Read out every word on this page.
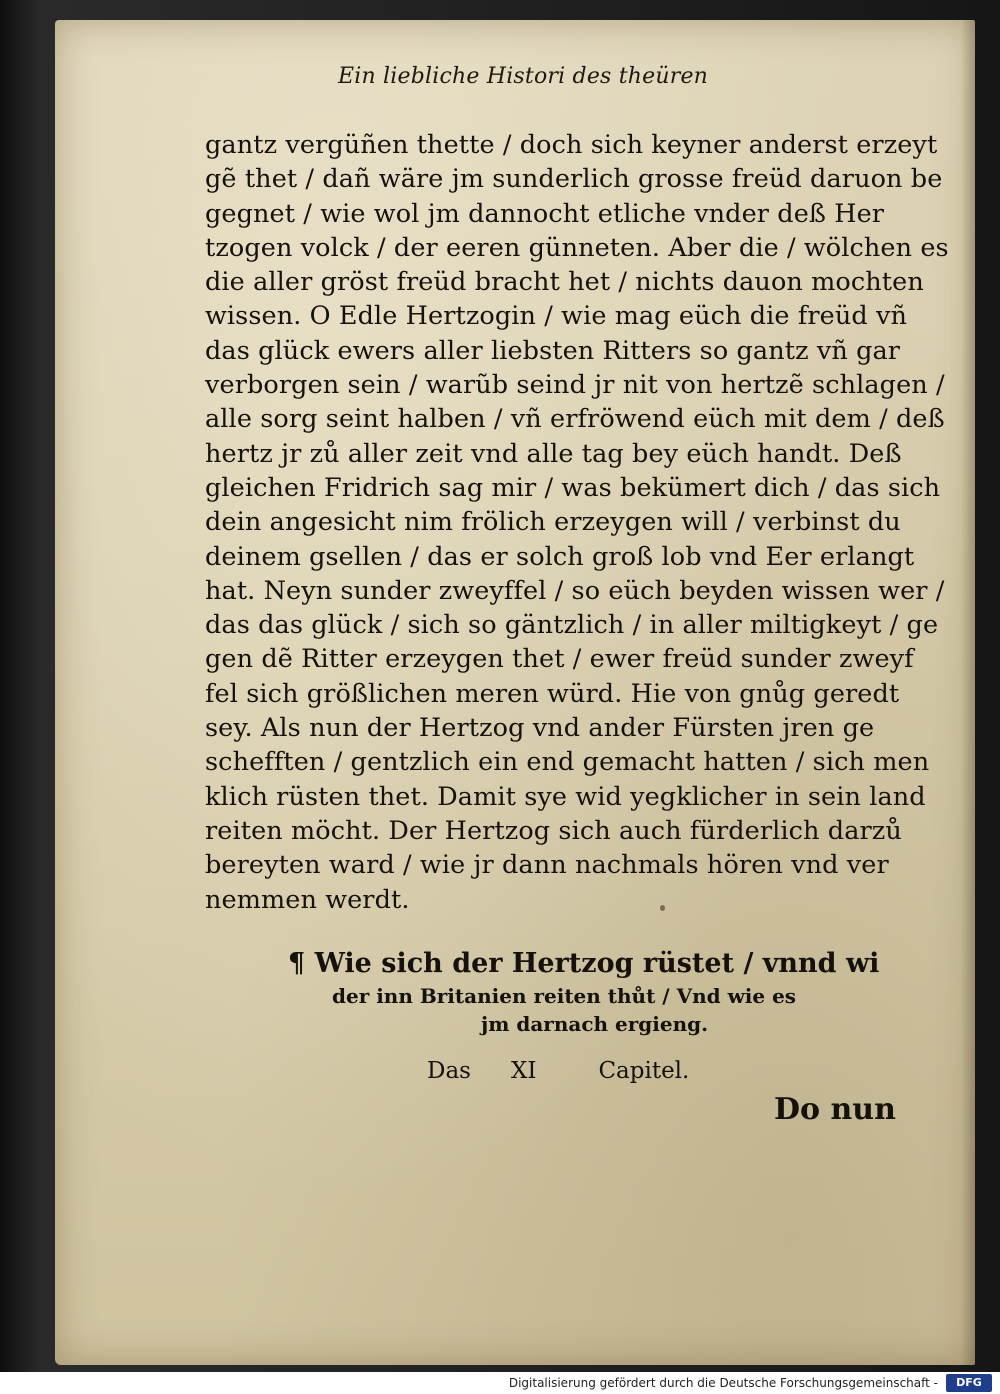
Ein liebliche Histori des theüren
gantz vergüñen thette / doch sich keyner anderst erzeyt
gẽ thet / dañ wäre jm sunderlich grosse freüd daruon be
gegnet / wie wol jm dannocht etliche vnder deß Her
tzogen volck / der eeren günneten. Aber die / wölchen es
die aller gröst freüd bracht het / nichts dauon mochten
wissen. O Edle Hertzogin / wie mag eüch die freüd vñ
das glück ewers aller liebsten Ritters so gantz vñ gar
verborgen sein / warũb seind jr nit von hertzẽ schlagen /
alle sorg seint halben / vñ erfröwend eüch mit dem / deß
hertz jr zů aller zeit vnd alle tag bey eüch handt. Deß
gleichen Fridrich sag mir / was bekümert dich / das sich
dein angesicht nim frölich erzeygen will / verbinst du
deinem gsellen / das er solch groß lob vnd Eer erlangt
hat. Neyn sunder zweyffel / so eüch beyden wissen wer /
das das glück / sich so gäntzlich / in aller miltigkeyt / ge
gen dẽ Ritter erzeygen thet / ewer freüd sunder zweyf
fel sich größlichen meren würd. Hie von gnůg geredt
sey. Als nun der Hertzog vnd ander Fürsten jren ge
schefften / gentzlich ein end gemacht hatten / sich men
klich rüsten thet. Damit sye wid yegklicher in sein land
reiten möcht. Der Hertzog sich auch fürderlich darzů
bereyten ward / wie jr dann nachmals hören vnd ver
nemmen werdt.
¶ Wie sich der Hertzog rüstet / vnnd wi
der inn Britanien reiten thůt / Vnd wie es
jm darnach ergieng.
Das XI	Capitel.
Do nun
Digitalisierung gefördert durch die Deutsche Forschungsgemeinschaft -
DFG
